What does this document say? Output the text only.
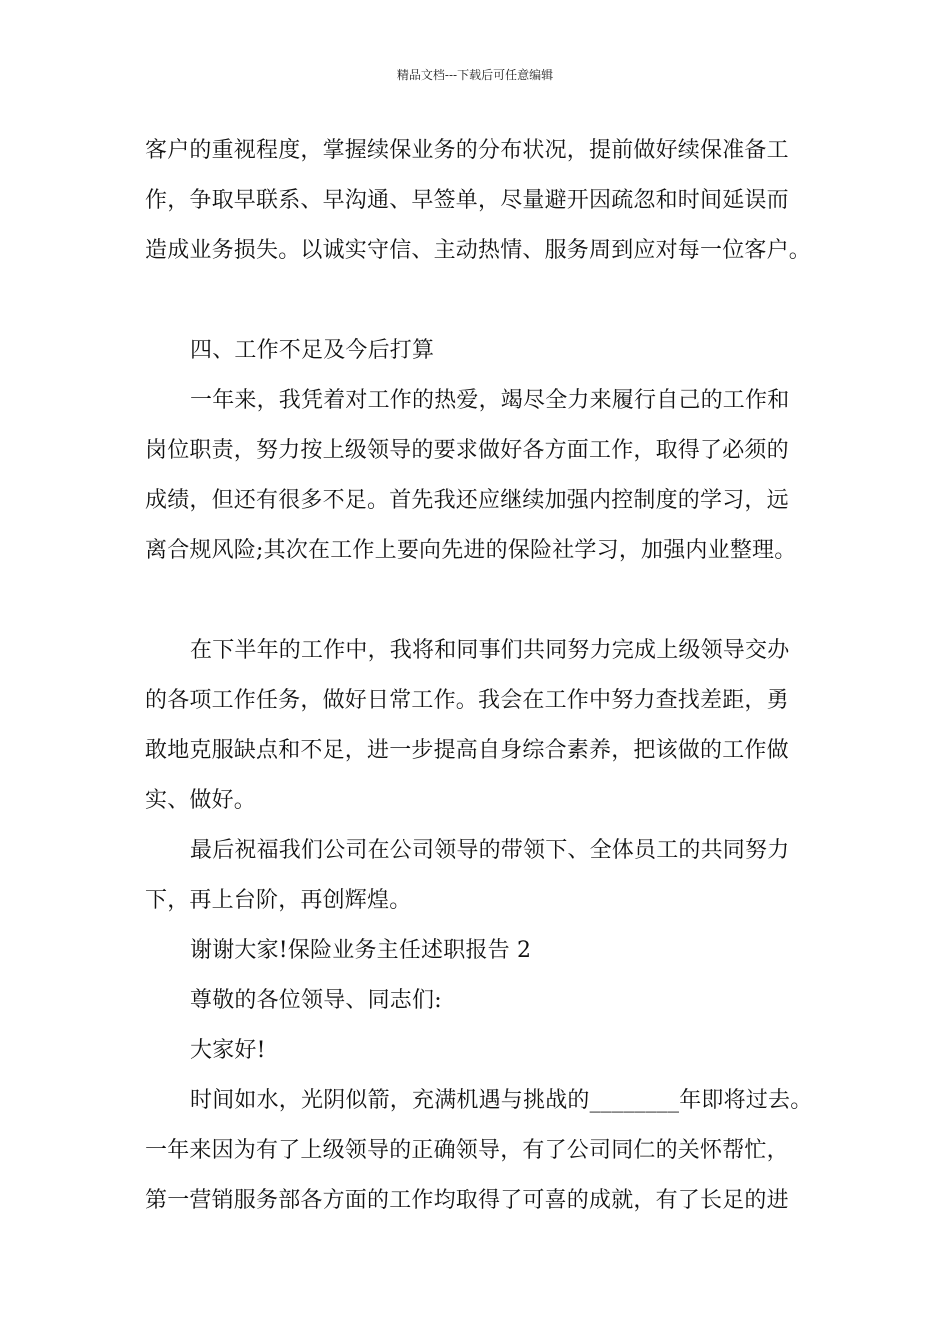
精品文档---下载后可任意编辑
客户的重视程度，掌握续保业务的分布状况，提前做好续保准备工
作，争取早联系、早沟通、早签单，尽量避开因疏忽和时间延误而
造成业务损失。以诚实守信、主动热情、服务周到应对每一位客户。
四、工作不足及今后打算
一年来，我凭着对工作的热爱，竭尽全力来履行自己的工作和
岗位职责，努力按上级领导的要求做好各方面工作，取得了必须的
成绩，但还有很多不足。首先我还应继续加强内控制度的学习，远
离合规风险;其次在工作上要向先进的保险社学习，加强内业整理。
在下半年的工作中，我将和同事们共同努力完成上级领导交办
的各项工作任务，做好日常工作。我会在工作中努力查找差距，勇
敢地克服缺点和不足，进一步提高自身综合素养，把该做的工作做
实、做好。
最后祝福我们公司在公司领导的带领下、全体员工的共同努力
下，再上台阶，再创辉煌。
谢谢大家!保险业务主任述职报告 2
尊敬的各位领导、同志们:
大家好!
时间如水，光阴似箭，充满机遇与挑战的________年即将过去。
一年来因为有了上级领导的正确领导，有了公司同仁的关怀帮忙，
第一营销服务部各方面的工作均取得了可喜的成就，有了长足的进
